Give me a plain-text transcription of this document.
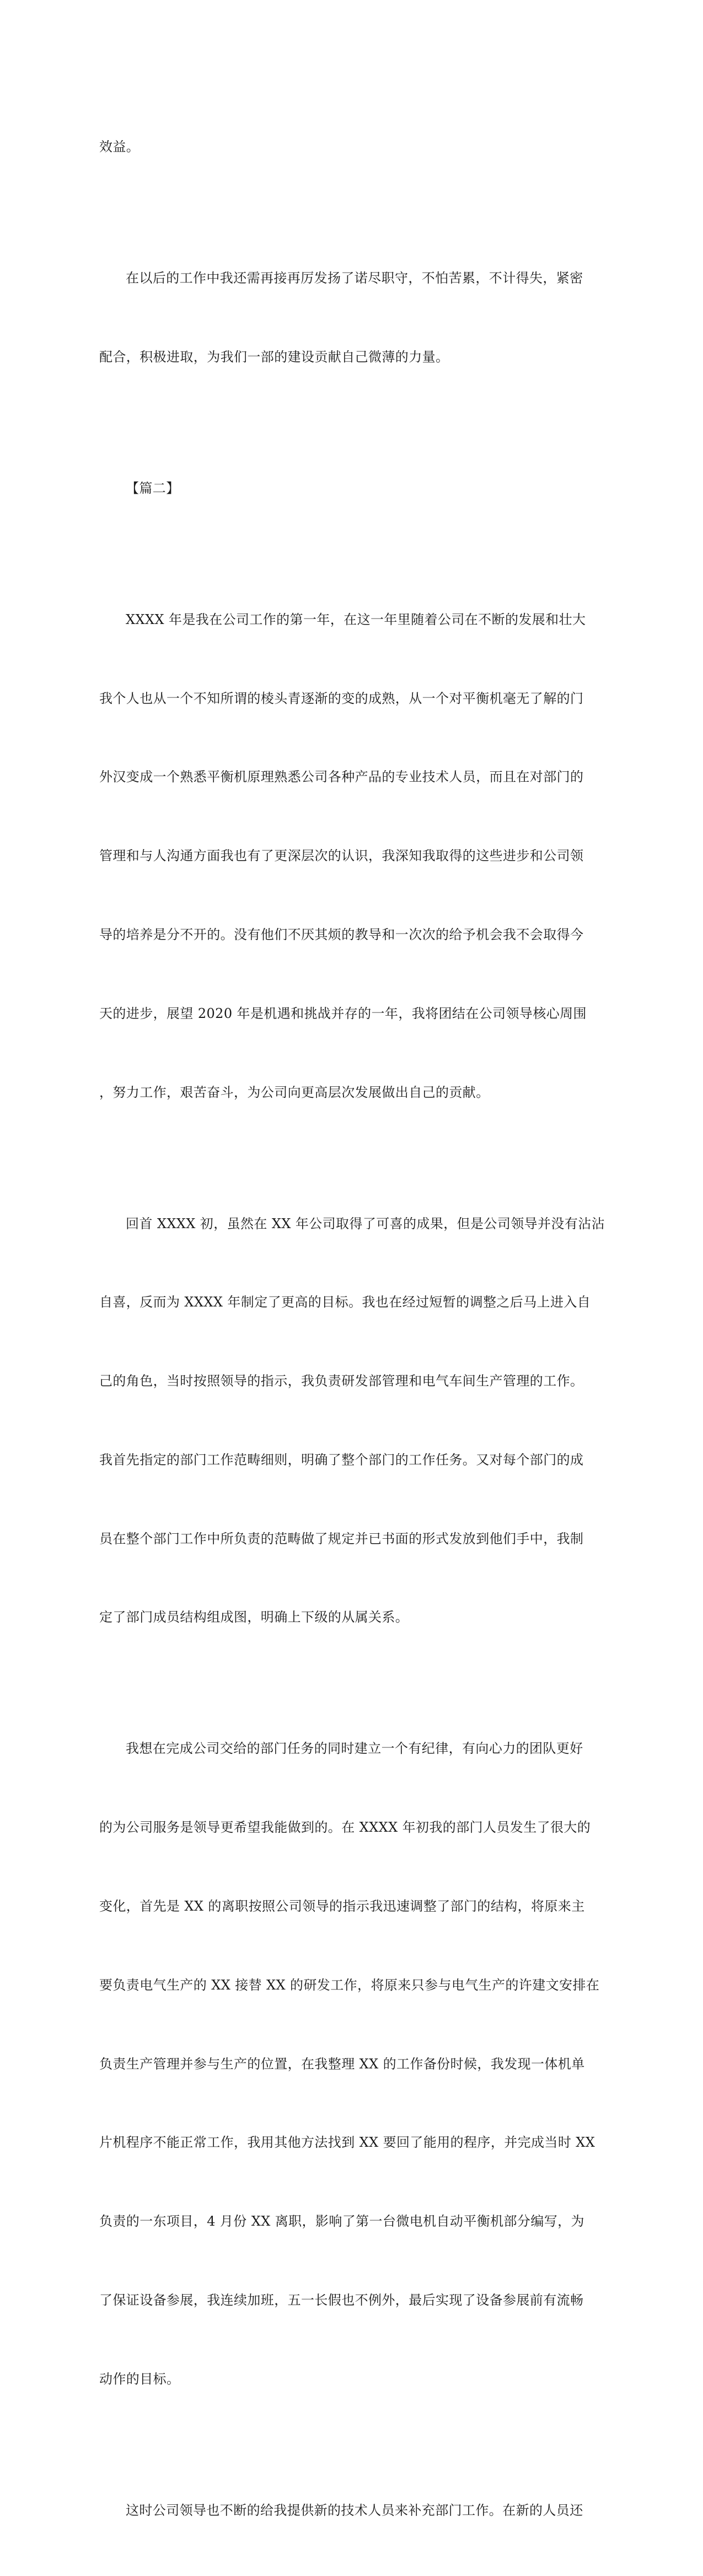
效益。

在以后的工作中我还需再接再厉发扬了诺尽职守，不怕苦累，不计得失，紧密

配合，积极进取，为我们一部的建设贡献自己微薄的力量。

【篇二】

XXXX 年是我在公司工作的第一年，在这一年里随着公司在不断的发展和壮大

我个人也从一个不知所谓的棱头青逐渐的变的成熟，从一个对平衡机毫无了解的门

外汉变成一个熟悉平衡机原理熟悉公司各种产品的专业技术人员，而且在对部门的

管理和与人沟通方面我也有了更深层次的认识，我深知我取得的这些进步和公司领

导的培养是分不开的。没有他们不厌其烦的教导和一次次的给予机会我不会取得今

天的进步，展望 2020 年是机遇和挑战并存的一年，我将团结在公司领导核心周围

，努力工作，艰苦奋斗，为公司向更高层次发展做出自己的贡献。

回首 XXXX 初，虽然在 XX 年公司取得了可喜的成果，但是公司领导并没有沾沾

自喜，反而为 XXXX 年制定了更高的目标。我也在经过短暂的调整之后马上进入自

己的角色，当时按照领导的指示，我负责研发部管理和电气车间生产管理的工作。

我首先指定的部门工作范畴细则，明确了整个部门的工作任务。又对每个部门的成

员在整个部门工作中所负责的范畴做了规定并已书面的形式发放到他们手中，我制

定了部门成员结构组成图，明确上下级的从属关系。

我想在完成公司交给的部门任务的同时建立一个有纪律，有向心力的团队更好

的为公司服务是领导更希望我能做到的。在 XXXX 年初我的部门人员发生了很大的

变化，首先是 XX 的离职按照公司领导的指示我迅速调整了部门的结构，将原来主

要负责电气生产的 XX 接替 XX 的研发工作，将原来只参与电气生产的许建文安排在

负责生产管理并参与生产的位置，在我整理 XX 的工作备份时候，我发现一体机单

片机程序不能正常工作，我用其他方法找到 XX 要回了能用的程序，并完成当时 XX

负责的一东项目，4 月份 XX 离职，影响了第一台微电机自动平衡机部分编写，为

了保证设备参展，我连续加班，五一长假也不例外，最后实现了设备参展前有流畅

动作的目标。

这时公司领导也不断的给我提供新的技术人员来补充部门工作。在新的人员还
